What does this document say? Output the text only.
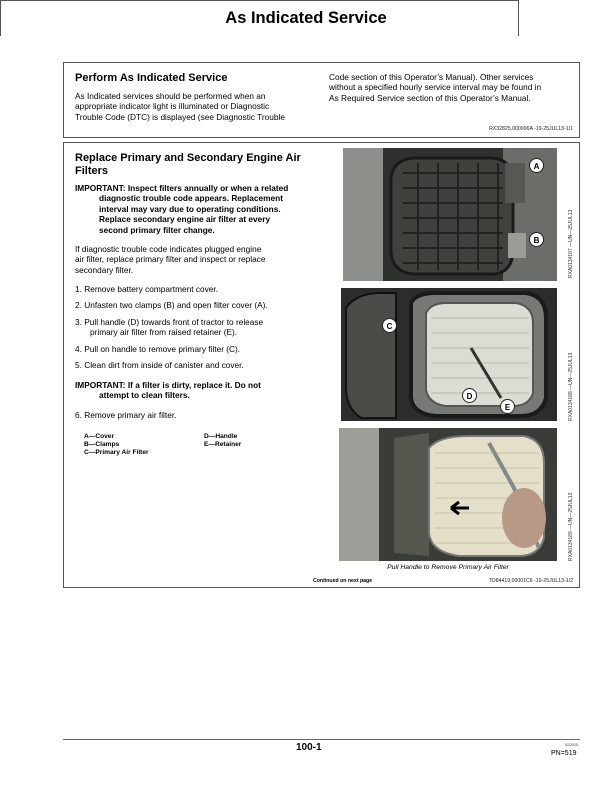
As Indicated Service
Perform As Indicated Service
As Indicated services should be performed when an
appropriate indicator light is illuminated or Diagnostic
Trouble Code (DTC) is displayed (see Diagnostic Trouble
Code section of this Operator’s Manual). Other services
without a specified hourly service interval may be found in
As Required Service section of this Operator’s Manual.
RX32825,000006A -19-25JUL13-1/1
Replace Primary and Secondary Engine Air
Filters
IMPORTANT: Inspect filters annually or when a related
diagnostic trouble code appears. Replacement
interval may vary due to operating conditions.
Replace secondary engine air filter at every
second primary filter change.
If diagnostic trouble code indicates plugged engine
air filter, replace primary filter and inspect or replace
secondary filter.
1. Remove battery compartment cover.
2. Unfasten two clamps (B) and open filter cover (A).
3. Pull handle (D) towards front of tractor to release
primary air filter from raised retainer (E).
4. Pull on handle to remove primary filter (C).
5. Clean dirt from inside of canister and cover.
IMPORTANT: If a filter is dirty, replace it. Do not
attempt to clean filters.
6. Remove primary air filter.
A—Cover
B—Clamps
C—Primary Air Filter
D—Handle
E—Retainer
A
B	RXA0134187 —UN—25JUL13
C
D
E	RXA0134188 —UN—25JUL13
RXA0134189 —UN—25JUL13
Pull Handle to Remove Primary Air Filter
Continued on next page	TO84419,00001C6 -19-25JUL13-1/2
100-1	022015
PN=519
